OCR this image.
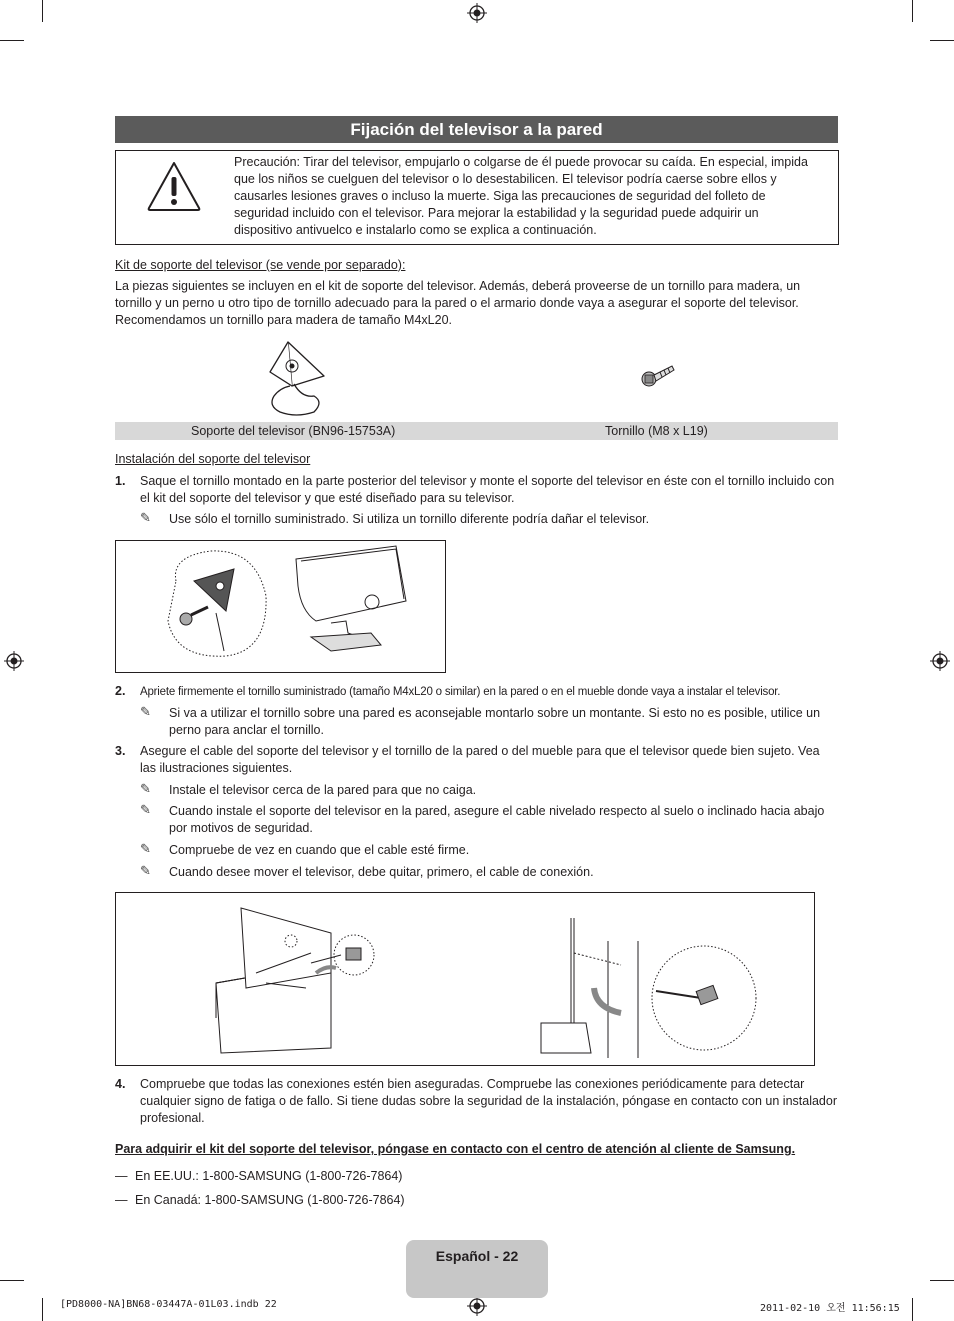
Fijación del televisor a la pared
Precaución: Tirar del televisor, empujarlo o colgarse de él puede provocar su caída. En especial, impida que los niños se cuelguen del televisor o lo desestabilicen. El televisor podría caerse sobre ellos y causarles lesiones graves o incluso la muerte. Siga las precauciones de seguridad del folleto de seguridad incluido con el televisor. Para mejorar la estabilidad y la seguridad puede adquirir un dispositivo antivuelco e instalarlo como se explica a continuación.
Kit de soporte del televisor (se vende por separado):
La piezas siguientes se incluyen en el kit de soporte del televisor. Además, deberá proveerse de un tornillo para madera, un tornillo y un perno u otro tipo de tornillo adecuado para la pared o el armario donde vaya a asegurar el soporte del televisor. Recomendamos un tornillo para madera de tamaño M4xL20.
Soporte del televisor (BN96-15753A)	Tornillo (M8 x L19)
Instalación del soporte del televisor
1. Saque el tornillo montado en la parte posterior del televisor y monte el soporte del televisor en éste con el tornillo incluido con el kit del soporte del televisor y que esté diseñado para su televisor.
✎ Use sólo el tornillo suministrado. Si utiliza un tornillo diferente podría dañar el televisor.
2. Apriete firmemente el tornillo suministrado (tamaño M4xL20 o similar) en la pared o en el mueble donde vaya a instalar el televisor.
✎ Si va a utilizar el tornillo sobre una pared es aconsejable montarlo sobre un montante. Si esto no es posible, utilice un perno para anclar el tornillo.
3. Asegure el cable del soporte del televisor y el tornillo de la pared o del mueble para que el televisor quede bien sujeto. Vea las ilustraciones siguientes.
✎ Instale el televisor cerca de la pared para que no caiga.
✎ Cuando instale el soporte del televisor en la pared, asegure el cable nivelado respecto al suelo o inclinado hacia abajo por motivos de seguridad.
✎ Compruebe de vez en cuando que el cable esté firme.
✎ Cuando desee mover el televisor, debe quitar, primero, el cable de conexión.
4. Compruebe que todas las conexiones estén bien aseguradas. Compruebe las conexiones periódicamente para detectar cualquier signo de fatiga o de fallo. Si tiene dudas sobre la seguridad de la instalación, póngase en contacto con un instalador profesional.
Para adquirir el kit del soporte del televisor, póngase en contacto con el centro de atención al cliente de Samsung.
— En EE.UU.: 1-800-SAMSUNG (1-800-726-7864)
— En Canadá: 1-800-SAMSUNG (1-800-726-7864)
Español - 22
[PD8000-NA]BN68-03447A-01L03.indb 22	2011-02-10 오전 11:56:15
